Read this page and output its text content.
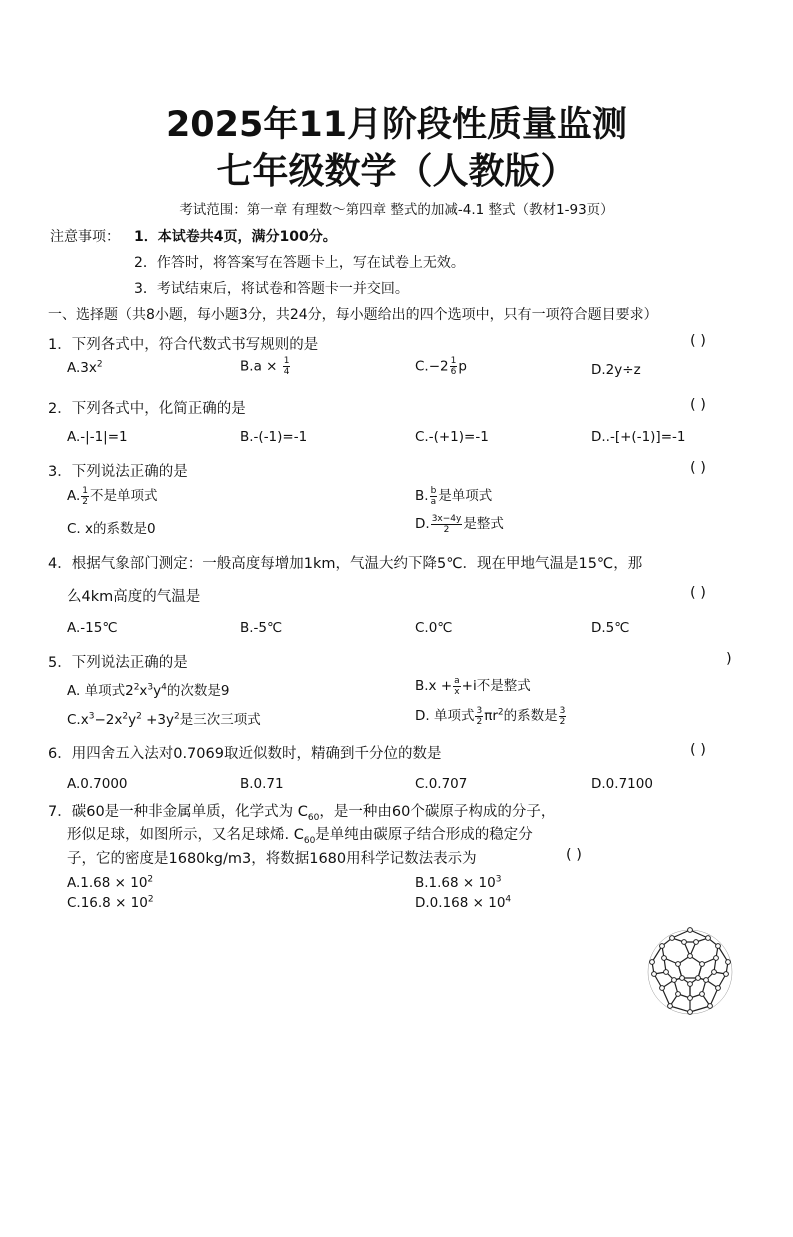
2025年11月阶段性质量监测
七年级数学（人教版）
考试范围：第一章 有理数～第四章 整式的加减-4.1 整式（教材1-93页）
注意事项： 1．本试卷共4页，满分100分。
2．作答时，将答案写在答题卡上，写在试卷上无效。
3．考试结束后，将试卷和答题卡一并交回。
一、选择题（共8小题，每小题3分，共24分，每小题给出的四个选项中，只有一项符合题目要求）
1．下列各式中，符合代数式书写规则的是	( )
$A.3x^2$	$B.a \times \frac{1}{4}$	$C.-2 \frac{1}{6}$ p	D.2y÷z
2．下列各式中，化简正确的是	( )
A.-|-1|=1	B.-(-1)=-1	C.-(+1)=-1	D..-[+(-1)]=-1
3．下列说法正确的是	( )
A. $\frac{1}{2}$ 不是单项式	B. $\frac{b}{a}$ 是单项式
C. x的系数是0	D. $\frac{3x-4y}{2}$ 是整式
4．根据气象部门测定：一般高度每增加1km，气温大约下降5℃．现在甲地气温是15℃，那
么4km高度的气温是	( )
A.-15℃	B.-5℃	C.0℃	D.5℃
5．下列说法正确的是	)
A. 单项式$2^2x^3y^4$的次数是9	$B.x + \frac{a}{x} +i$不是整式
$C.x^3-2x^2y^2 +3y^2$是三次三项式	D. 单项式 $\frac{3}{2} \pi r^2$的系数是 $\frac{3}{2}$
6．用四舍五入法对0.7069取近似数时，精确到千分位的数是	( )
A.0.7000	B.0.71	C.0.707	D.0.7100
7．碳60是一种非金属单质，化学式为 $C_{60}$，是一种由60个碳原子构成的分子，
形似足球，如图所示，又名足球烯. $C_{60}$是单纯由碳原子结合形成的稳定分
子，它的密度是1680kg/m3，将数据1680用科学记数法表示为	( )
$A.1.68 \times 10^2$	$B.1.68 \times 10^3$
$C.16.8 \times 10^2$	$D.0.168 \times 10^4$
